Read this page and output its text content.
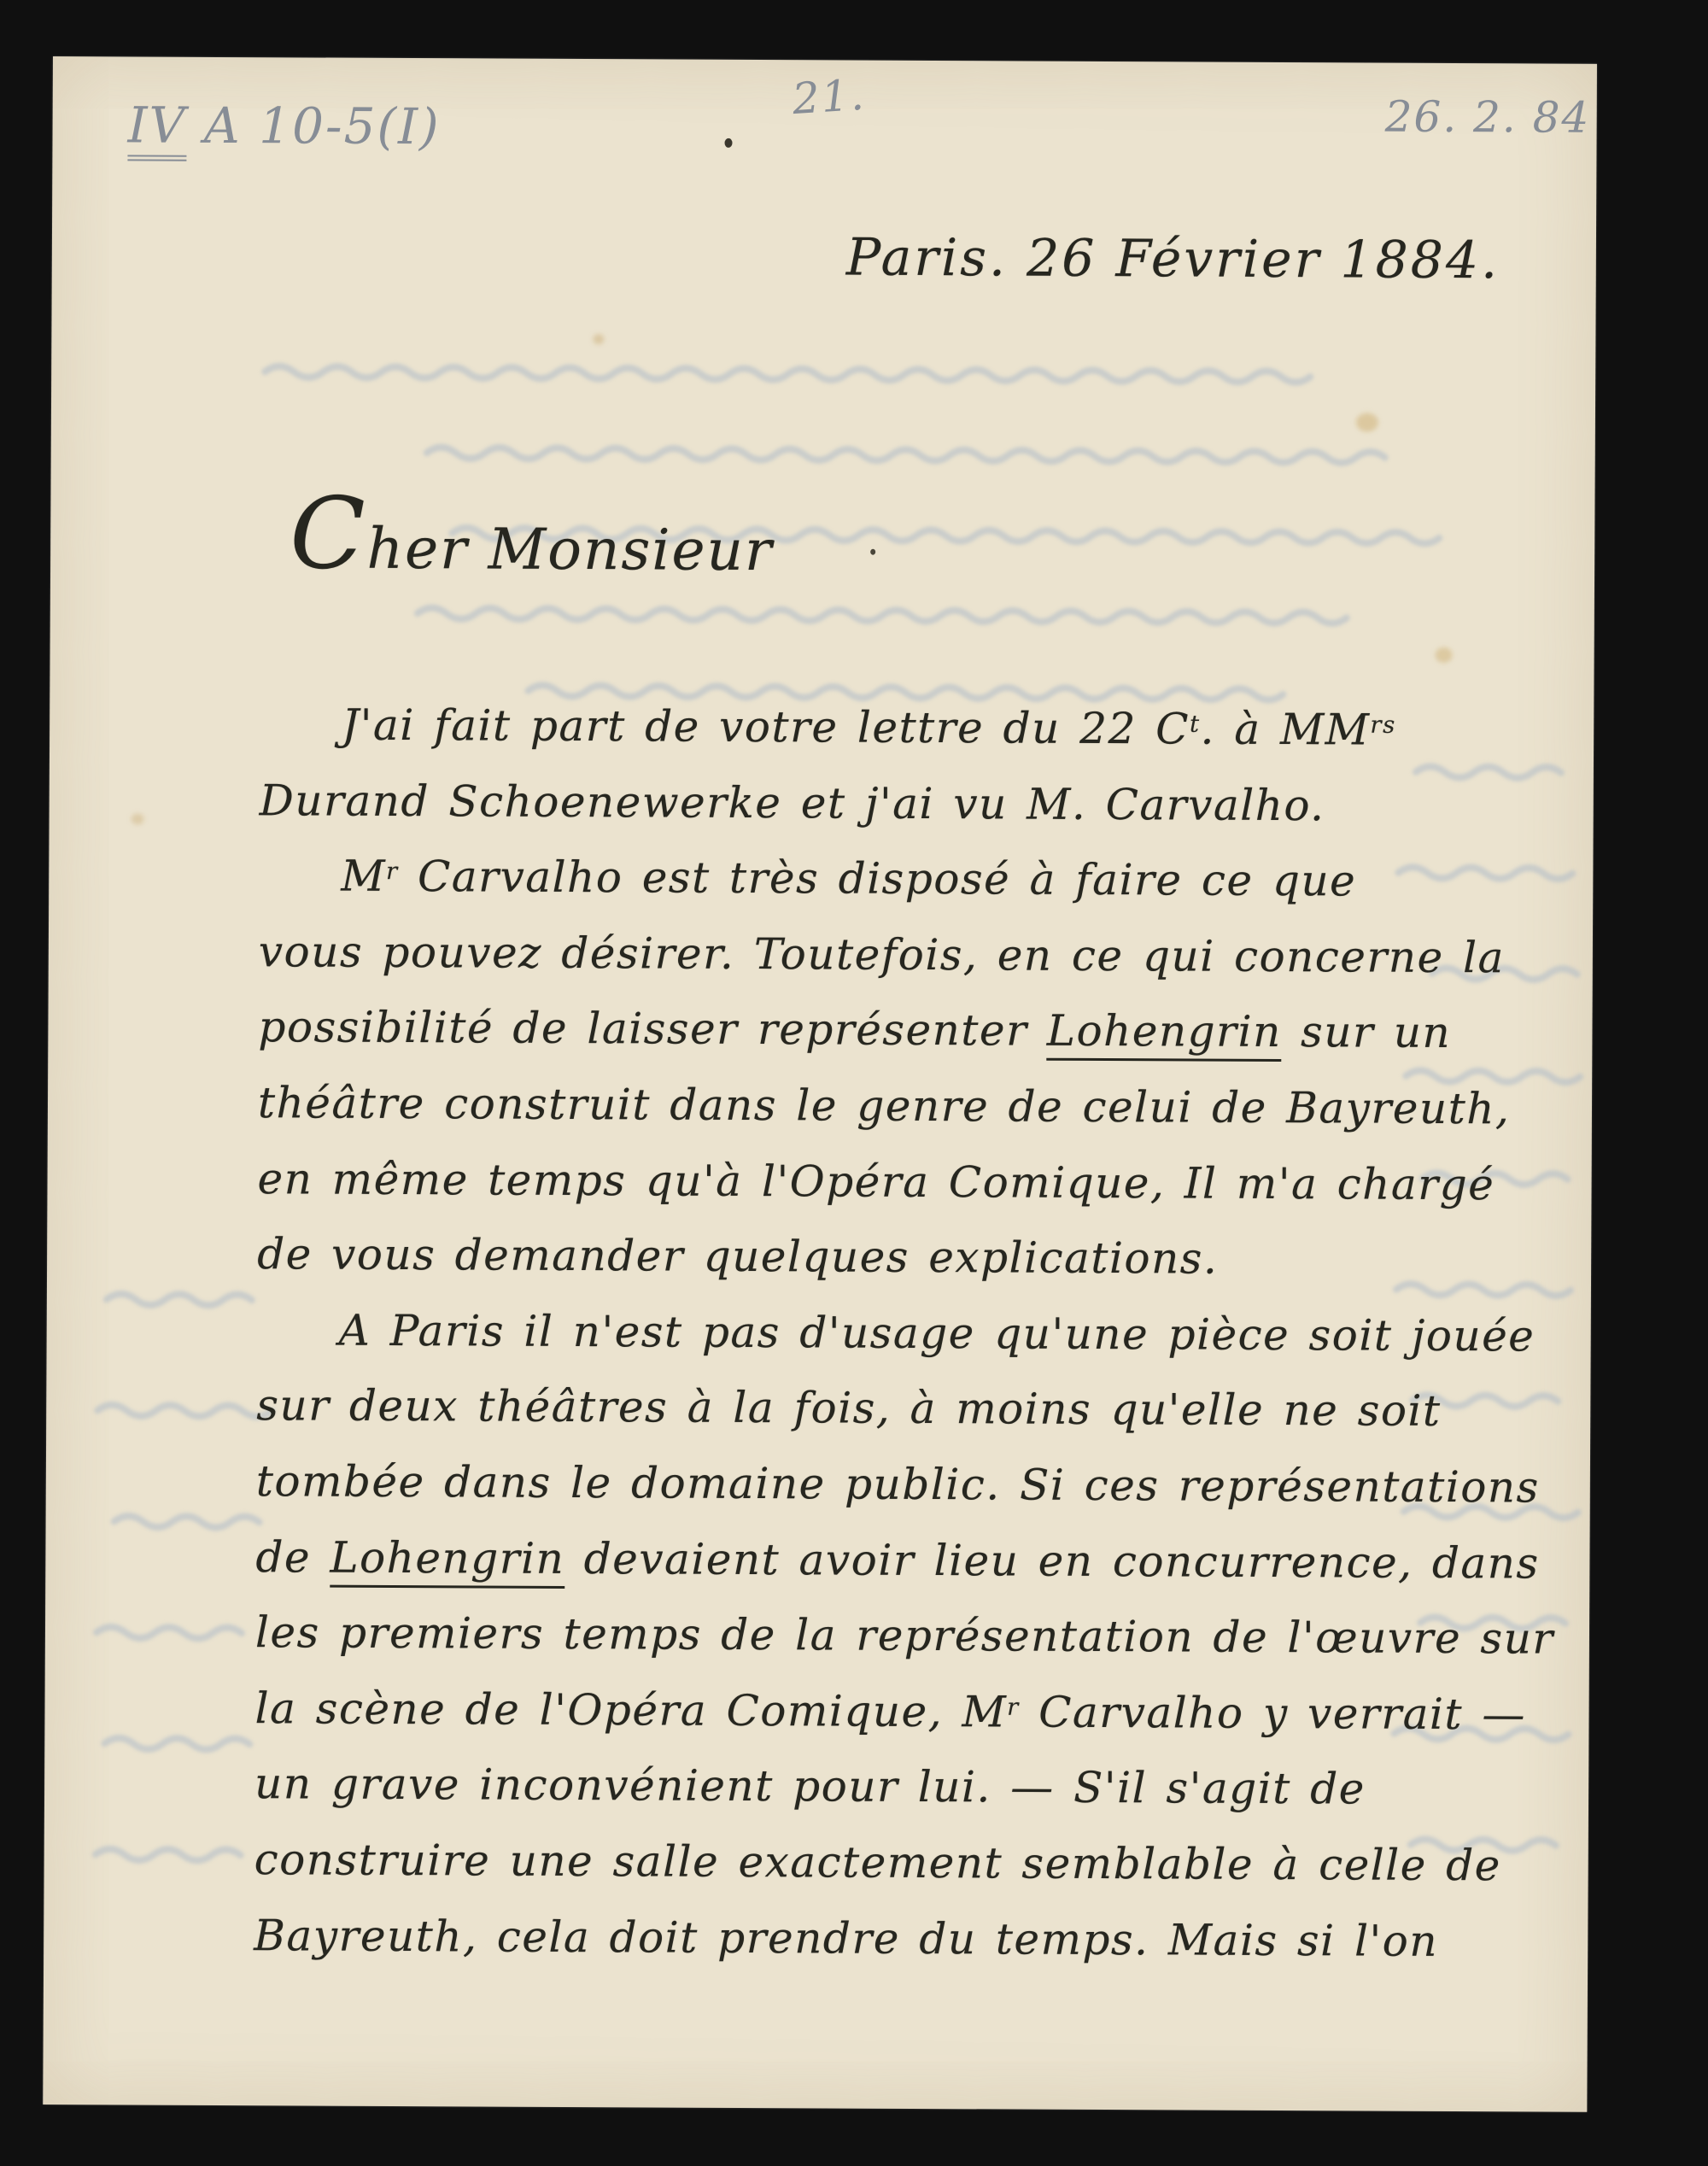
IV A 10-5(I)	21.	26. 2. 84
Paris. 26 Février 1884.
Cher Monsieur
J'ai fait part de votre lettre du 22 $C^t$. à $MM^{rs}$
Durand Schoenewerke et j'ai vu M. Carvalho.
$M^r$ Carvalho est très disposé à faire ce que
vous pouvez désirer. Toutefois, en ce qui concerne la
possibilité de laisser représenter Lohengrin sur un
théâtre construit dans le genre de celui de Bayreuth,
en même temps qu'à l'Opéra Comique, Il m'a chargé
de vous demander quelques explications.
A Paris il n'est pas d'usage qu'une pièce soit jouée
sur deux théâtres à la fois, à moins qu'elle ne soit
tombée dans le domaine public. Si ces représentations
de Lohengrin devaient avoir lieu en concurrence, dans
les premiers temps de la représentation de l'œuvre sur
la scène de l'Opéra Comique, $M^r$ Carvalho y verrait —
un grave inconvénient pour lui. — S'il s'agit de
construire une salle exactement semblable à celle de
Bayreuth, cela doit prendre du temps. Mais si l'on
